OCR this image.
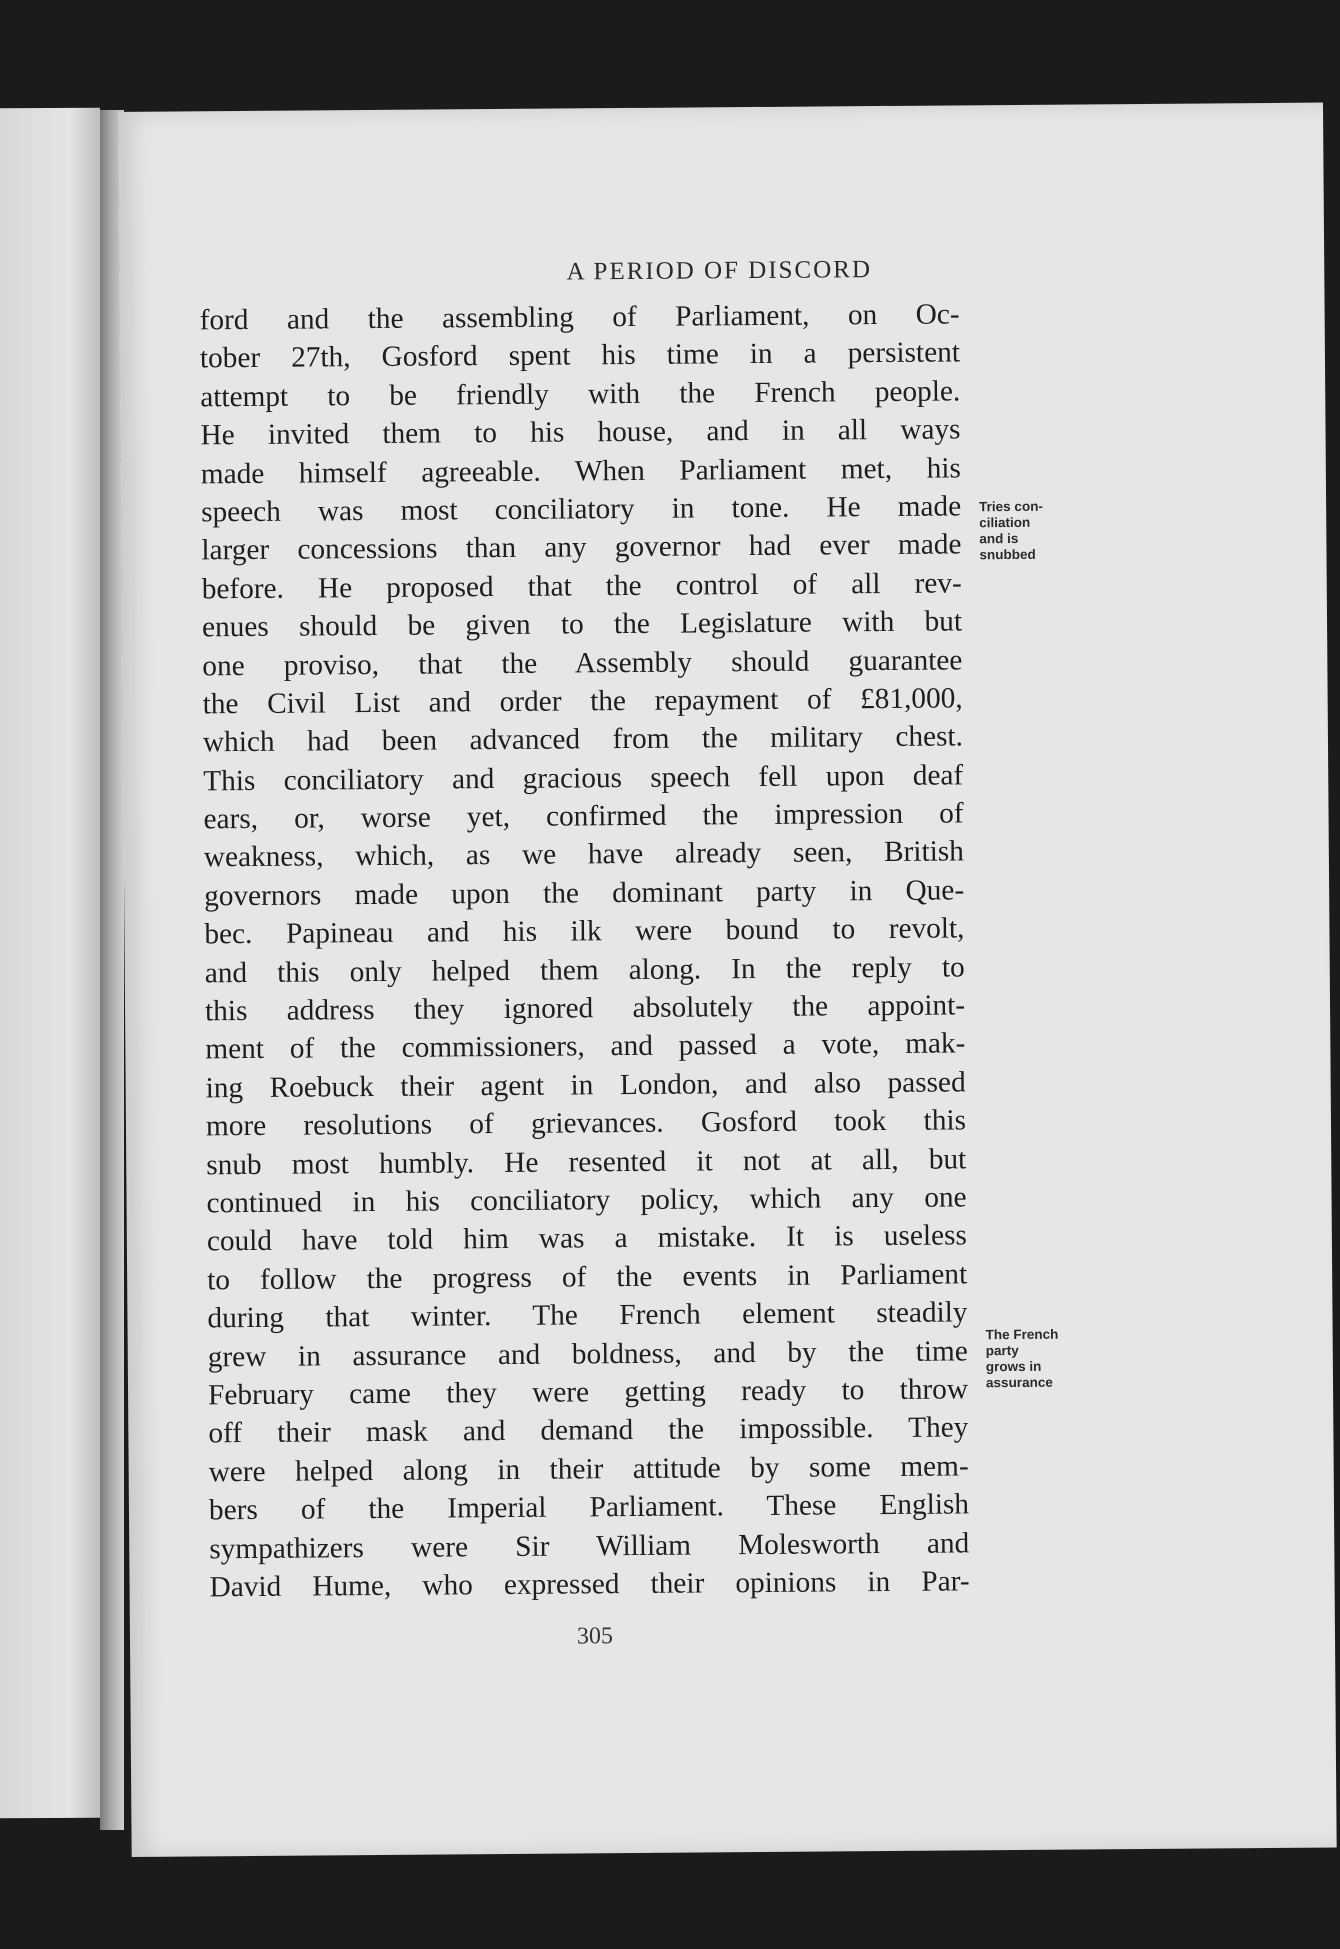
A PERIOD OF DISCORD
ford and the assembling of Parliament, on Oc-
tober 27th, Gosford spent his time in a persistent
attempt to be friendly with the French people.
He invited them to his house, and in all ways
made himself agreeable. When Parliament met, his
speech was most conciliatory in tone. He made
larger concessions than any governor had ever made
before. He proposed that the control of all rev-
enues should be given to the Legislature with but
one proviso, that the Assembly should guarantee
the Civil List and order the repayment of £81,000,
which had been advanced from the military chest.
This conciliatory and gracious speech fell upon deaf
ears, or, worse yet, confirmed the impression of
weakness, which, as we have already seen, British
governors made upon the dominant party in Que-
bec. Papineau and his ilk were bound to revolt,
and this only helped them along. In the reply to
this address they ignored absolutely the appoint-
ment of the commissioners, and passed a vote, mak-
ing Roebuck their agent in London, and also passed
more resolutions of grievances. Gosford took this
snub most humbly. He resented it not at all, but
continued in his conciliatory policy, which any one
could have told him was a mistake. It is useless
to follow the progress of the events in Parliament
during that winter. The French element steadily
grew in assurance and boldness, and by the time
February came they were getting ready to throw
off their mask and demand the impossible. They
were helped along in their attitude by some mem-
bers of the Imperial Parliament. These English
sympathizers were Sir William Molesworth and
David Hume, who expressed their opinions in Par-
Tries con-
ciliation
and is
snubbed
The French
party
grows in
assurance
305
